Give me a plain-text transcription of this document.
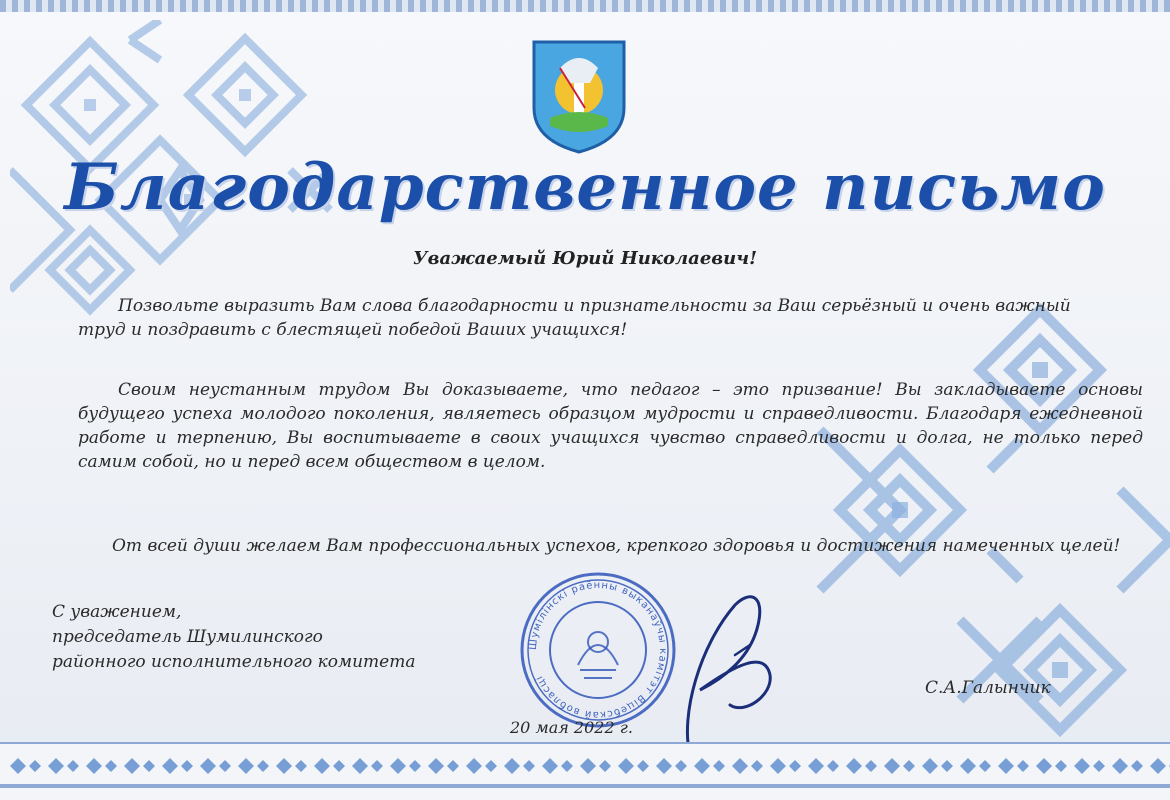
Благодарственное письмо
Уважаемый Юрий Николаевич!

Позвольте выразить Вам слова благодарности и признательности за Ваш серьёзный и очень важный труд и поздравить с блестящей победой Ваших учащихся!

Своим неустанным трудом Вы доказываете, что педагог – это призвание! Вы закладываете основы будущего успеха молодого поколения, являетесь образцом мудрости и справедливости. Благодаря ежедневной работе и терпению, Вы воспитываете в своих учащихся чувство справедливости и долга, не только перед самим собой, но и перед всем обществом в целом.

От всей души желаем Вам профессиональных успехов, крепкого здоровья и достижения намеченных целей!

С уважением,
председатель Шумилинского
районного исполнительного комитета
Шумілінскі раённы выканаўчы камітэт Віцебскай вобласці
С.А.Галынчик
20 мая 2022 г.
